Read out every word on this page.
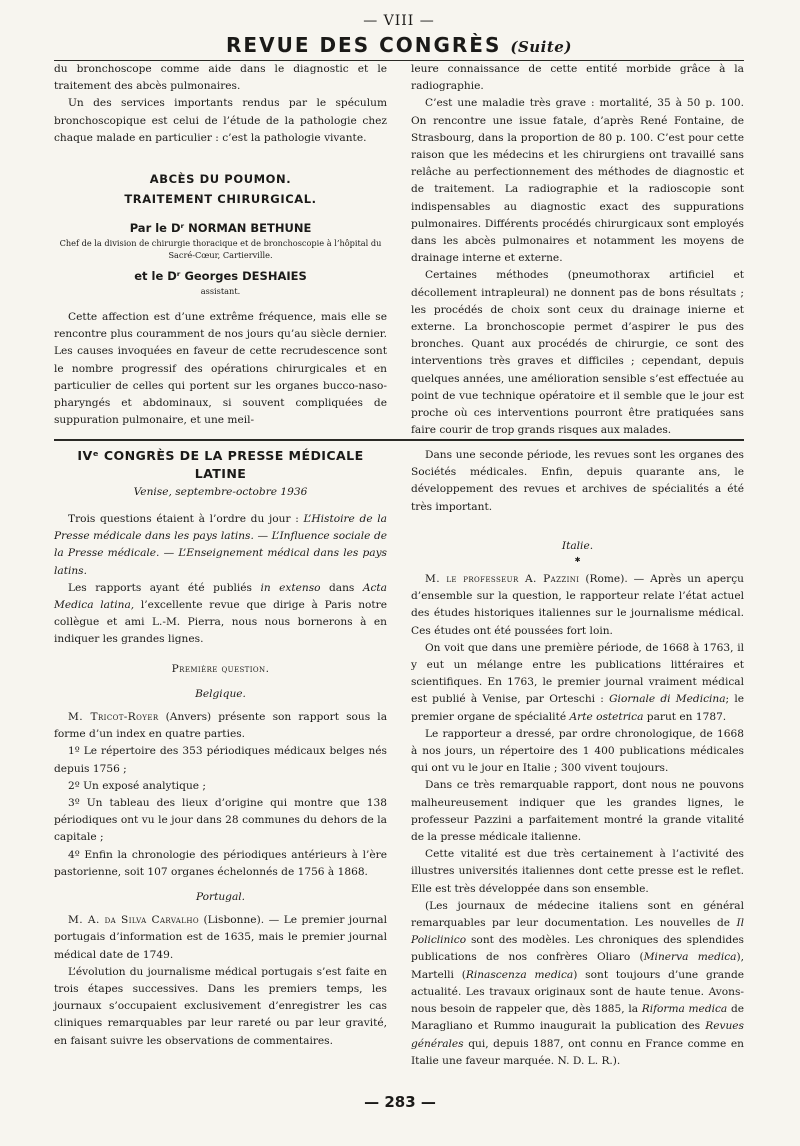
— VIII —
REVUE DES CONGRÈS (Suite)

du bronchoscope comme aide dans le diagnostic et le traitement des abcès pulmonaires.

Un des services importants rendus par le spéculum bronchoscopique est celui de l’étude de la pathologie chez chaque malade en particulier : c’est la pathologie vivante.

ABCÈS DU POUMON.
TRAITEMENT CHIRURGICAL.
Par le Dʳ NORMAN BETHUNE
Chef de la division de chirurgie thoracique et de bronchoscopie à l’hôpital du Sacré-Cœur, Cartierville.
et le Dʳ Georges DESHAIES
assistant.

Cette affection est d’une extrême fréquence, mais elle se rencontre plus couramment de nos jours qu’au siècle dernier. Les causes invoquées en faveur de cette recrudescence sont le nombre progressif des opérations chirurgicales et en particulier de celles qui portent sur les organes bucco-naso-pharyngés et abdominaux, si souvent compliquées de suppuration pulmonaire, et une meil-

leure connaissance de cette entité morbide grâce à la radiographie.

C’est une maladie très grave : mortalité, 35 à 50 p. 100. On rencontre une issue fatale, d’après René Fontaine, de Strasbourg, dans la proportion de 80 p. 100. C’est pour cette raison que les médecins et les chirurgiens ont travaillé sans relâche au perfectionnement des méthodes de diagnostic et de traitement. La radiographie et la radioscopie sont indispensables au diagnostic exact des suppurations pulmonaires. Différents procédés chirurgicaux sont employés dans les abcès pulmonaires et notamment les moyens de drainage interne et externe.

Certaines méthodes (pneumothorax artificiel et décollement intrapleural) ne donnent pas de bons résultats ; les procédés de choix sont ceux du drainage inierne et externe. La bronchoscopie permet d’aspirer le pus des bronches. Quant aux procédés de chirurgie, ce sont des interventions très graves et difficiles ; cependant, depuis quelques années, une amélioration sensible s’est effectuée au point de vue technique opératoire et il semble que le jour est proche où ces interventions pourront être pratiquées sans faire courir de trop grands risques aux malades.

IVᵉ CONGRÈS DE LA PRESSE MÉDICALE LATINE
Venise, septembre-octobre 1936

Trois questions étaient à l’ordre du jour : L’Histoire de la Presse médicale dans les pays latins. — L’Influence sociale de la Presse médicale. — L’Enseignement médical dans les pays latins.

Les rapports ayant été publiés in extenso dans Acta Medica latina, l’excellente revue que dirige à Paris notre collègue et ami L.-M. Pierra, nous nous bornerons à en indiquer les grandes lignes.

Première question.
Belgique.

M. Tricot-Royer (Anvers) présente son rapport sous la forme d’un index en quatre parties.

1º Le répertoire des 353 périodiques médicaux belges nés depuis 1756 ;

2º Un exposé analytique ;

3º Un tableau des lieux d’origine qui montre que 138 périodiques ont vu le jour dans 28 communes du dehors de la capitale ;

4º Enfin la chronologie des périodiques antérieurs à l’ère pastorienne, soit 107 organes échelonnés de 1756 à 1868.

Portugal.

M. A. da Silva Carvalho (Lisbonne). — Le premier journal portugais d’information est de 1635, mais le premier journal médical date de 1749.

L’évolution du journalisme médical portugais s’est faite en trois étapes successives. Dans les premiers temps, les journaux s’occupaient exclusivement d’enregistrer les cas cliniques remarquables par leur rareté ou par leur gravité, en faisant suivre les observations de commentaires.

Dans une seconde période, les revues sont les organes des Sociétés médicales. Enfin, depuis quarante ans, le développement des revues et archives de spécialités a été très important.

Italie.
✱

M. le professeur A. Pazzini (Rome). — Après un aperçu d’ensemble sur la question, le rapporteur relate l’état actuel des études historiques italiennes sur le journalisme médical. Ces études ont été poussées fort loin.

On voit que dans une première période, de 1668 à 1763, il y eut un mélange entre les publications littéraires et scientifiques. En 1763, le premier journal vraiment médical est publié à Venise, par Orteschi : Giornale di Medicina; le premier organe de spécialité Arte ostetrica parut en 1787.

Le rapporteur a dressé, par ordre chronologique, de 1668 à nos jours, un répertoire des 1 400 publications médicales qui ont vu le jour en Italie ; 300 vivent toujours.

Dans ce très remarquable rapport, dont nous ne pouvons malheureusement indiquer que les grandes lignes, le professeur Pazzini a parfaitement montré la grande vitalité de la presse médicale italienne.

Cette vitalité est due très certainement à l’activité des illustres universités italiennes dont cette presse est le reflet. Elle est très développée dans son ensemble.

(Les journaux de médecine italiens sont en général remarquables par leur documentation. Les nouvelles de Il Policlinico sont des modèles. Les chroniques des splendides publications de nos confrères Oliaro (Minerva medica), Martelli (Rinascenza medica) sont toujours d’une grande actualité. Les travaux originaux sont de haute tenue. Avons-nous besoin de rappeler que, dès 1885, la Riforma medica de Maragliano et Rummo inaugurait la publication des Revues générales qui, depuis 1887, ont connu en France comme en Italie une faveur marquée. N. D. L. R.).

— 283 —
